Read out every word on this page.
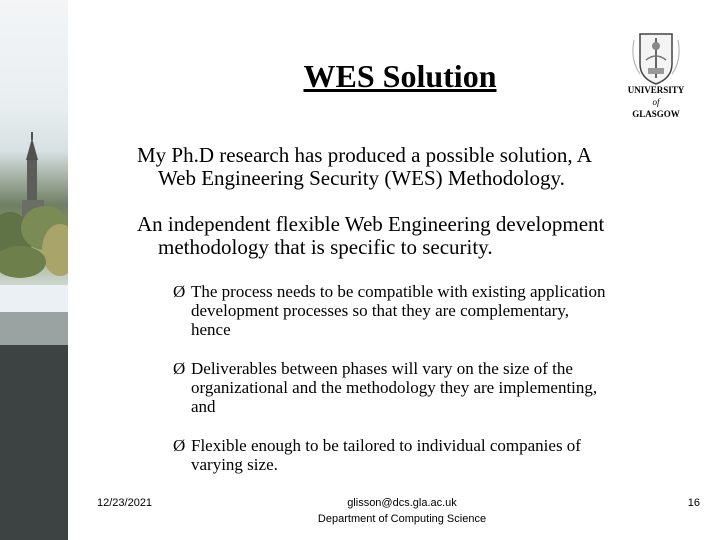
WES Solution	UNIVERSITY
of
GLASGOW
My Ph.D research has produced a possible solution, A
Web Engineering Security (WES) Methodology.
An independent flexible Web Engineering development
methodology that is specific to security.
Ø The process needs to be compatible with existing application
development processes so that they are complementary,
hence
Ø Deliverables between phases will vary on the size of the
organizational and the methodology they are implementing,
and
Ø Flexible enough to be tailored to individual companies of
varying size.
12/23/2021	glisson@dcs.gla.ac.uk
Department of Computing Science
16
